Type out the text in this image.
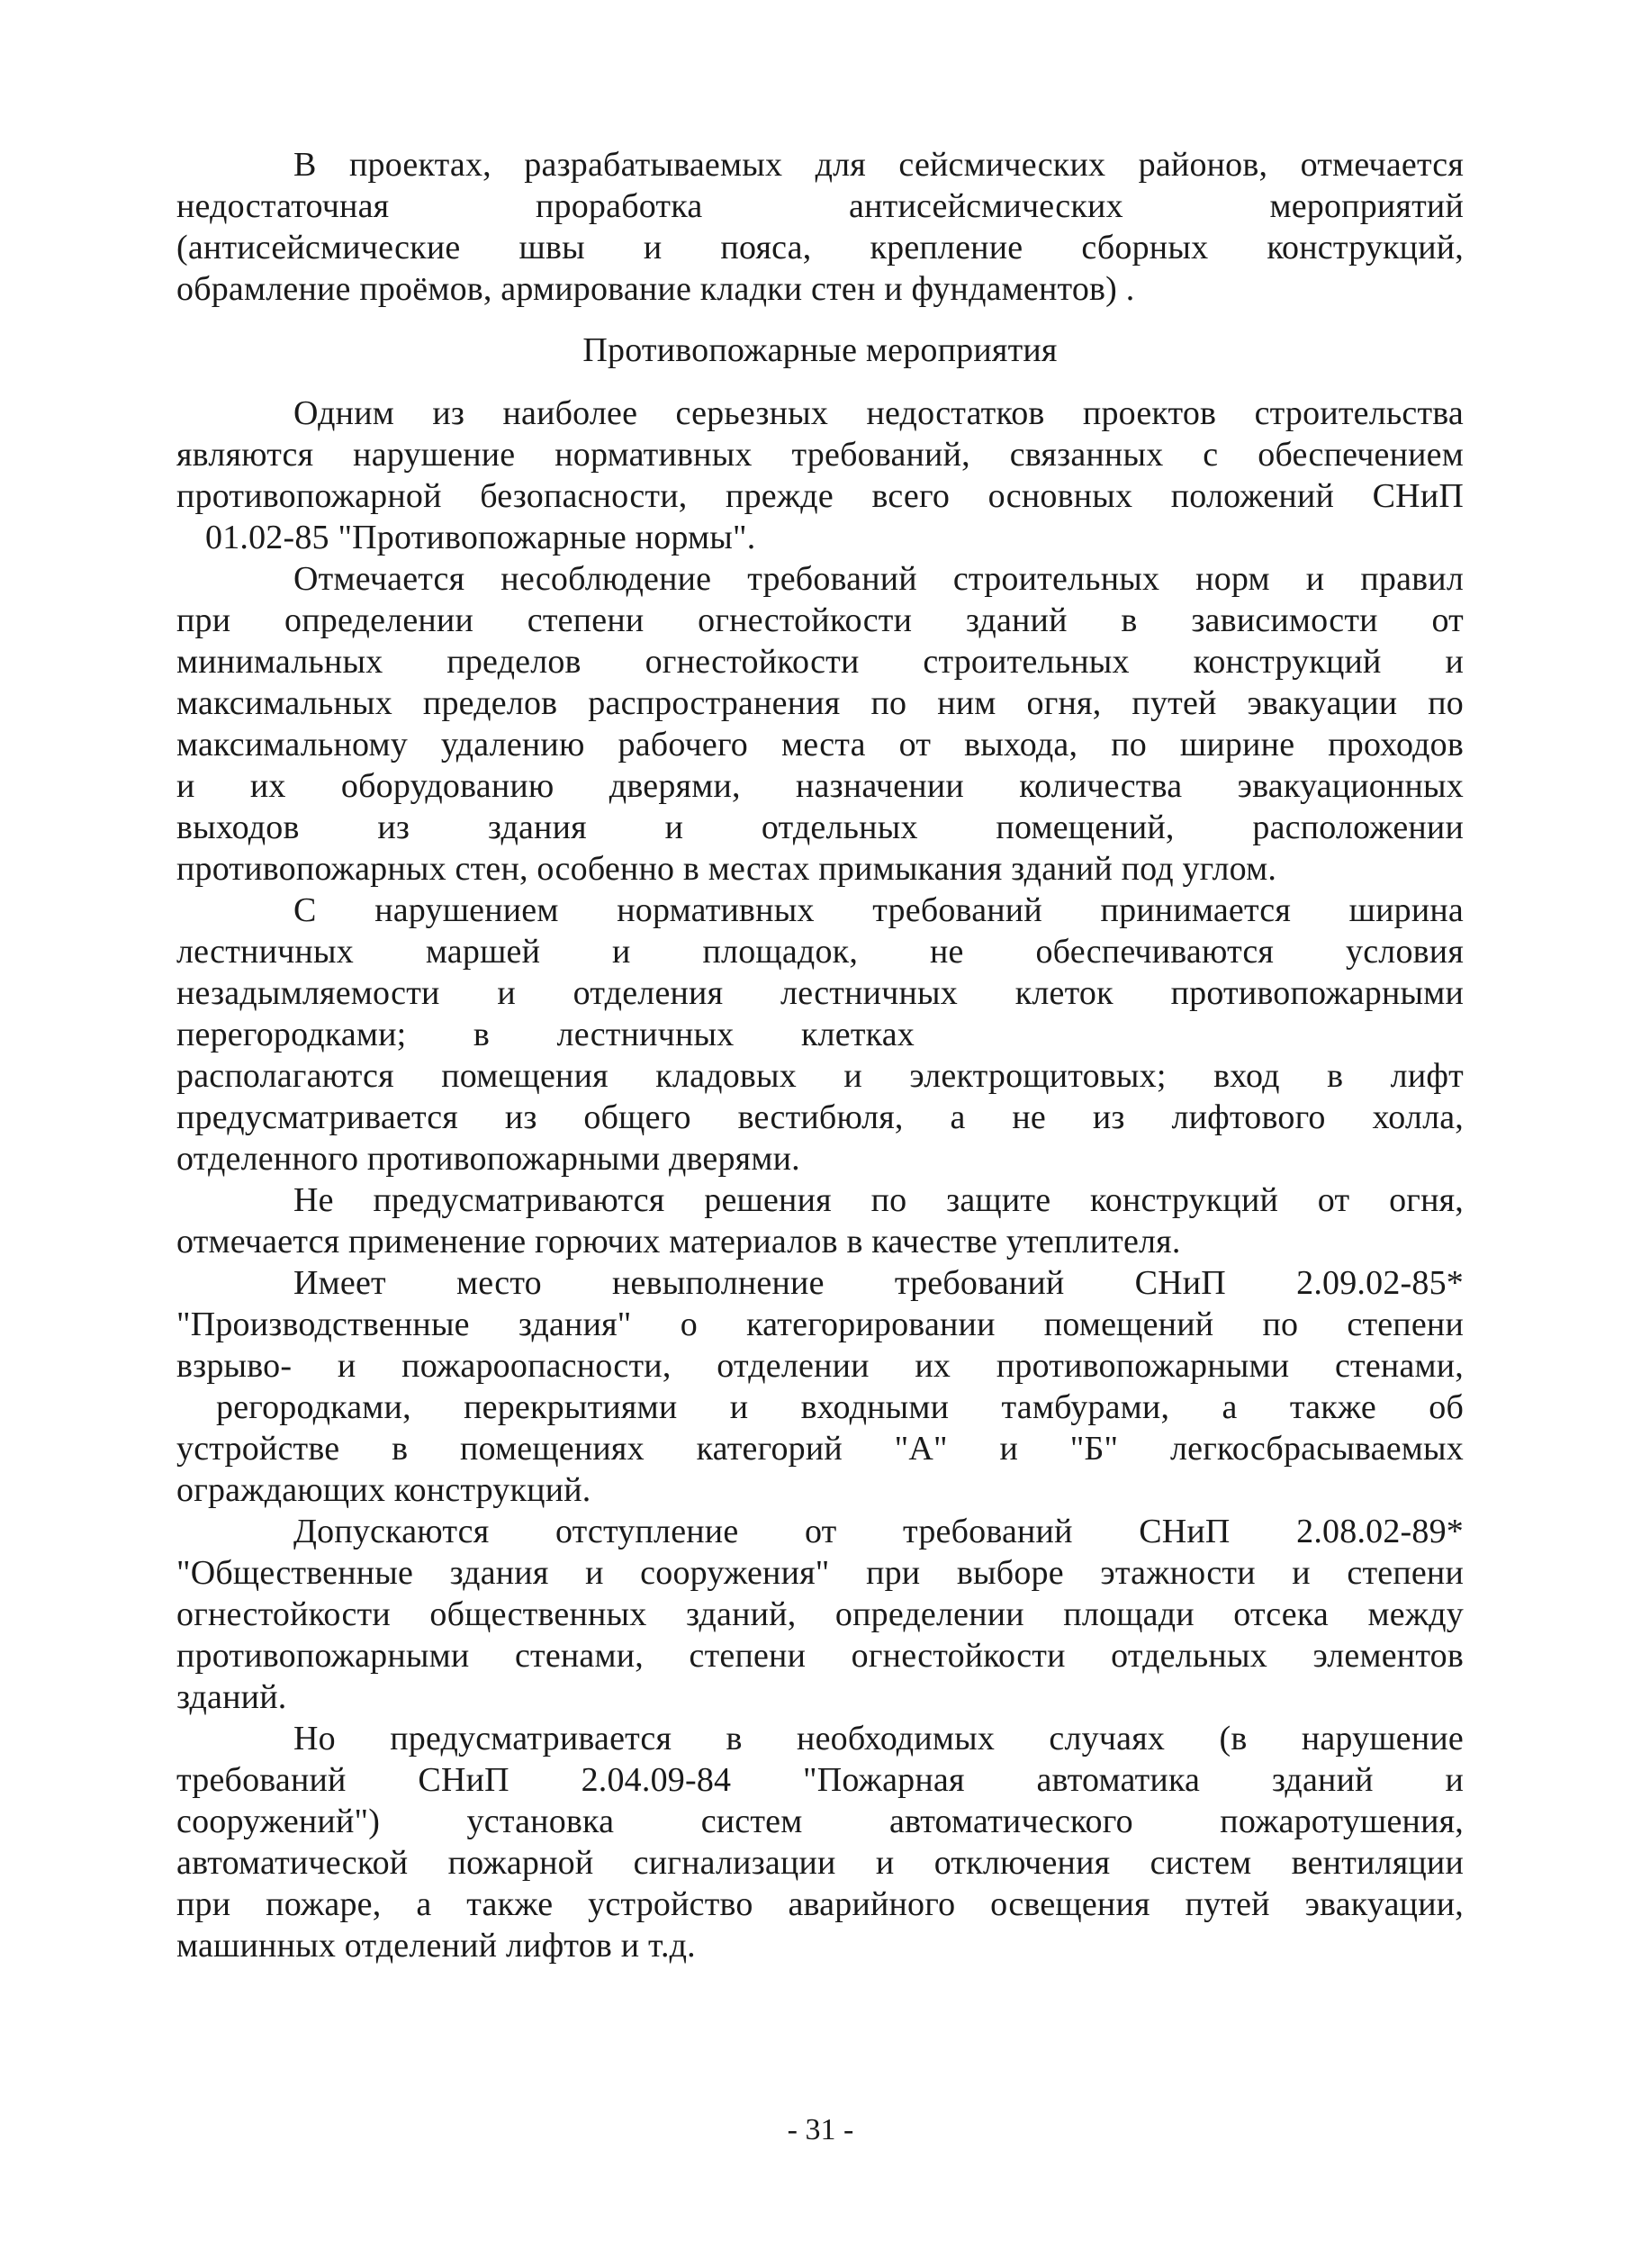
В проектах, разрабатываемых для сейсмических районов, отмечается
недостаточная проработка антисейсмических мероприятий
(антисейсмические швы и пояса, крепление сборных конструкций,
обрамление проёмов, армирование кладки стен и фундаментов) .
Противопожарные мероприятия
Одним из наиболее серьезных недостатков проектов строительства
являются нарушение нормативных требований, связанных с обеспечением
противопожарной безопасности, прежде всего основных положений СНиП
01.02-85 "Противопожарные нормы".
Отмечается несоблюдение требований строительных норм и правил
при определении степени огнестойкости зданий в зависимости от
минимальных пределов огнестойкости строительных конструкций и
максимальных пределов распространения по ним огня, путей эвакуации по
максимальному удалению рабочего места от выхода, по ширине проходов
и их оборудованию дверями, назначении количества эвакуационных
выходов из здания и отдельных помещений, расположении
противопожарных стен, особенно в местах примыкания зданий под углом.
С нарушением нормативных требований принимается ширина
лестничных маршей и площадок, не обеспечиваются условия
незадымляемости и отделения лестничных клеток противопожарными
перегородками; в лестничных клетках
располагаются помещения кладовых и электрощитовых; вход в лифт
предусматривается из общего вестибюля, а не из лифтового холла,
отделенного противопожарными дверями.
Не предусматриваются решения по защите конструкций от огня,
отмечается применение горючих материалов в качестве утеплителя.
Имеет место невыполнение требований СНиП 2.09.02-85*
"Производственные здания" о категорировании помещений по степени
взрыво- и пожароопасности, отделении их противопожарными стенами,
регородками, перекрытиями и входными тамбурами, а также об
устройстве в помещениях категорий "А" и "Б" легкосбрасываемых
ограждающих конструкций.
Допускаются отступление от требований СНиП 2.08.02-89*
"Общественные здания и сооружения" при выборе этажности и степени
огнестойкости общественных зданий, определении площади отсека между
противопожарными стенами, степени огнестойкости отдельных элементов
зданий.
Но предусматривается в необходимых случаях (в нарушение
требований СНиП 2.04.09-84 "Пожарная автоматика зданий и
сооружений") установка систем автоматического пожаротушения,
автоматической пожарной сигнализации и отключения систем вентиляции
при пожаре, а также устройство аварийного освещения путей эвакуации,
машинных отделений лифтов и т.д.
- 31 -
